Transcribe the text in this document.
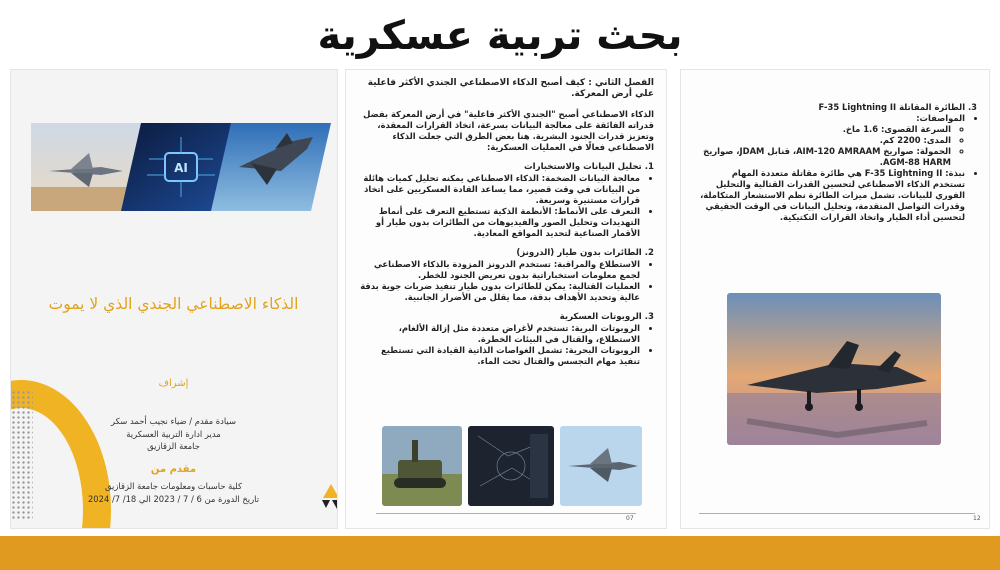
بحث تربية عسكرية
AI
الذكاء الاصطناعي الجندي الذي لا يموت
إشراف
سيادة مقدم / ضياء نجيب أحمد سكر
مدير ادارة التربية العسكرية
جامعة الزقازيق
مقدم من
كلية حاسبات ومعلومات جامعة الزقازيق
تاريخ الدورة من 6 / 7 / 2023 الي 18/ 7/ 2024

الفصل الثاني : كيف أصبح الذكاء الاصطناعي الجندي الأكثر فاعلية علي أرض المعركة.

الذكاء الاصطناعي أصبح "الجندي الأكثر فاعلية" في أرض المعركة بفضل قدراته الفائقة على معالجة البيانات بسرعة، اتخاذ القرارات المعقدة، وتعزيز قدرات الجنود البشرية. هنا بعض الطرق التي جعلت الذكاء الاصطناعي فعالًا في العمليات العسكرية:

1. تحليل البيانات والاستخبارات
• معالجة البيانات الضخمة: الذكاء الاصطناعي يمكنه تحليل كميات هائلة من البيانات في وقت قصير، مما يساعد القادة العسكريين على اتخاذ قرارات مستنيرة وسريعة.
• التعرف على الأنماط: الأنظمة الذكية تستطيع التعرف على أنماط التهديدات وتحليل الصور والفيديوهات من الطائرات بدون طيار أو الأقمار الصناعية لتحديد المواقع المعادية.
2. الطائرات بدون طيار (الدرونز)
• الاستطلاع والمراقبة: تستخدم الدرونز المزودة بالذكاء الاصطناعي لجمع معلومات استخباراتية بدون تعريض الجنود للخطر.
• العمليات القتالية: يمكن للطائرات بدون طيار تنفيذ ضربات جوية بدقة عالية وتحديد الأهداف بدقة، مما يقلل من الأضرار الجانبية.
3. الروبوتات العسكرية
• الروبوتات البرية: تستخدم لأغراض متعددة مثل إزالة الألغام، الاستطلاع، والقتال في البيئات الخطرة.
• الروبوتات البحرية: تشمل الغواصات الذاتية القيادة التي تستطيع تنفيذ مهام التجسس والقتال تحت الماء.
07
3. الطائرة المقاتلة F-35 Lightning II
• المواصفات:
◦ السرعة القصوى: 1.6 ماخ.
◦ المدى: 2200 كم.
◦ الحمولة: صواريخ AIM-120 AMRAAM، قنابل JDAM، صواريخ AGM-88 HARM.
• نبذة: F-35 Lightning II هي طائرة مقاتلة متعددة المهام تستخدم الذكاء الاصطناعي لتحسين القدرات القتالية والتحليل الفوري للبيانات. تشمل ميزات الطائرة نظم الاستشعار المتكاملة، وقدرات التواصل المتقدمة، وتحليل البيانات في الوقت الحقيقي لتحسين أداء الطيار واتخاذ القرارات التكتيكية.
12
